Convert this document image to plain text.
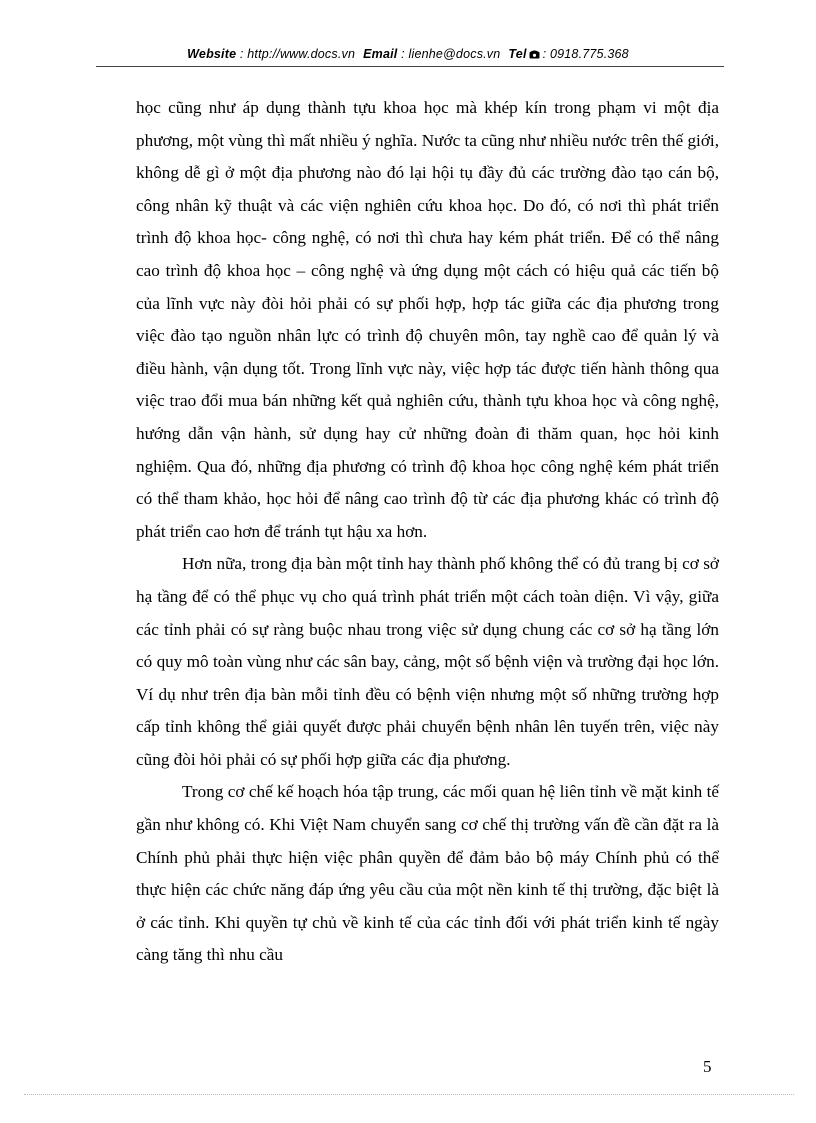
Website : http://www.docs.vn Email : lienhe@docs.vn Tel : 0918.775.368

học cũng như áp dụng thành tựu khoa học mà khép kín trong phạm vi một địa phương, một vùng thì mất nhiều ý nghĩa. Nước ta cũng như nhiều nước trên thế giới, không dễ gì ở một địa phương nào đó lại hội tụ đầy đủ các trường đào tạo cán bộ, công nhân kỹ thuật và các viện nghiên cứu khoa học. Do đó, có nơi thì phát triển trình độ khoa học- công nghệ, có nơi thì chưa hay kém phát triển. Để có thể nâng cao trình độ khoa học – công nghệ và ứng dụng một cách có hiệu quả các tiến bộ của lĩnh vực này đòi hỏi phải có sự phối hợp, hợp tác giữa các địa phương trong việc đào tạo nguồn nhân lực có trình độ chuyên môn, tay nghề cao để quản lý và điều hành, vận dụng tốt. Trong lĩnh vực này, việc hợp tác được tiến hành thông qua việc trao đổi mua bán những kết quả nghiên cứu, thành tựu khoa học và công nghệ, hướng dẫn vận hành, sử dụng hay cử những đoàn đi thăm quan, học hỏi kinh nghiệm. Qua đó, những địa phương có trình độ khoa học công nghệ kém phát triển có thể tham khảo, học hỏi để nâng cao trình độ từ các địa phương khác có trình độ phát triển cao hơn để tránh tụt hậu xa hơn.

Hơn nữa, trong địa bàn một tỉnh hay thành phố không thể có đủ trang bị cơ sở hạ tầng để có thể phục vụ cho quá trình phát triển một cách toàn diện. Vì vậy, giữa các tỉnh phải có sự ràng buộc nhau trong việc sử dụng chung các cơ sở hạ tầng lớn có quy mô toàn vùng như các sân bay, cảng, một số bệnh viện và trường đại học lớn. Ví dụ như trên địa bàn mỗi tỉnh đều có bệnh viện nhưng một số những trường hợp cấp tỉnh không thể giải quyết được phải chuyển bệnh nhân lên tuyến trên, việc này cũng đòi hỏi phải có sự phối hợp giữa các địa phương.

Trong cơ chế kế hoạch hóa tập trung, các mối quan hệ liên tỉnh về mặt kinh tế gần như không có. Khi Việt Nam chuyển sang cơ chế thị trường vấn đề cần đặt ra là Chính phủ phải thực hiện việc phân quyền để đảm bảo bộ máy Chính phủ có thể thực hiện các chức năng đáp ứng yêu cầu của một nền kinh tế thị trường, đặc biệt là ở các tỉnh. Khi quyền tự chủ về kinh tế của các tỉnh đối với phát triển kinh tế ngày càng tăng thì nhu cầu

5
